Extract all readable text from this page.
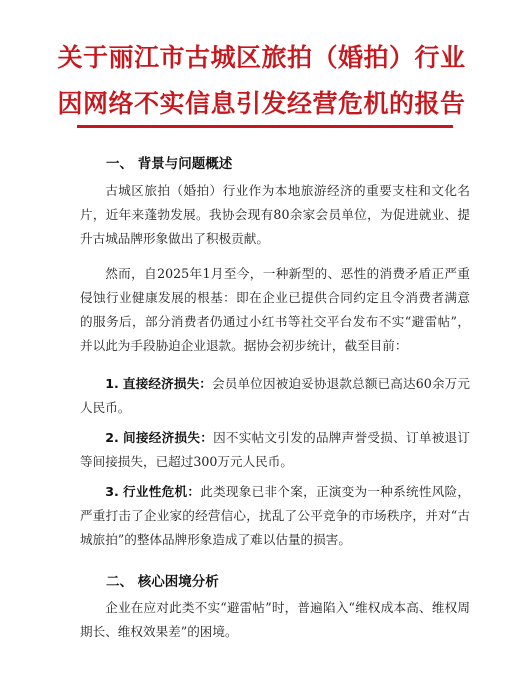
关于丽江市古城区旅拍（婚拍）行业
因网络不实信息引发经营危机的报告
一、 背景与问题概述

古城区旅拍（婚拍）行业作为本地旅游经济的重要支柱和文化名片，近年来蓬勃发展。我协会现有80余家会员单位，为促进就业、提升古城品牌形象做出了积极贡献。

然而，自2025年1月至今，一种新型的、恶性的消费矛盾正严重侵蚀行业健康发展的根基：即在企业已提供合同约定且令消费者满意的服务后，部分消费者仍通过小红书等社交平台发布不实“避雷帖”，并以此为手段胁迫企业退款。据协会初步统计，截至目前：

1. 直接经济损失：会员单位因被迫妥协退款总额已高达60余万元人民币。

2. 间接经济损失：因不实帖文引发的品牌声誉受损、订单被退订等间接损失，已超过300万元人民币。

3. 行业性危机：此类现象已非个案，正演变为一种系统性风险，严重打击了企业家的经营信心，扰乱了公平竞争的市场秩序，并对“古城旅拍”的整体品牌形象造成了难以估量的损害。

二、 核心困境分析

企业在应对此类不实“避雷帖”时，普遍陷入“维权成本高、维权周期长、维权效果差”的困境。
